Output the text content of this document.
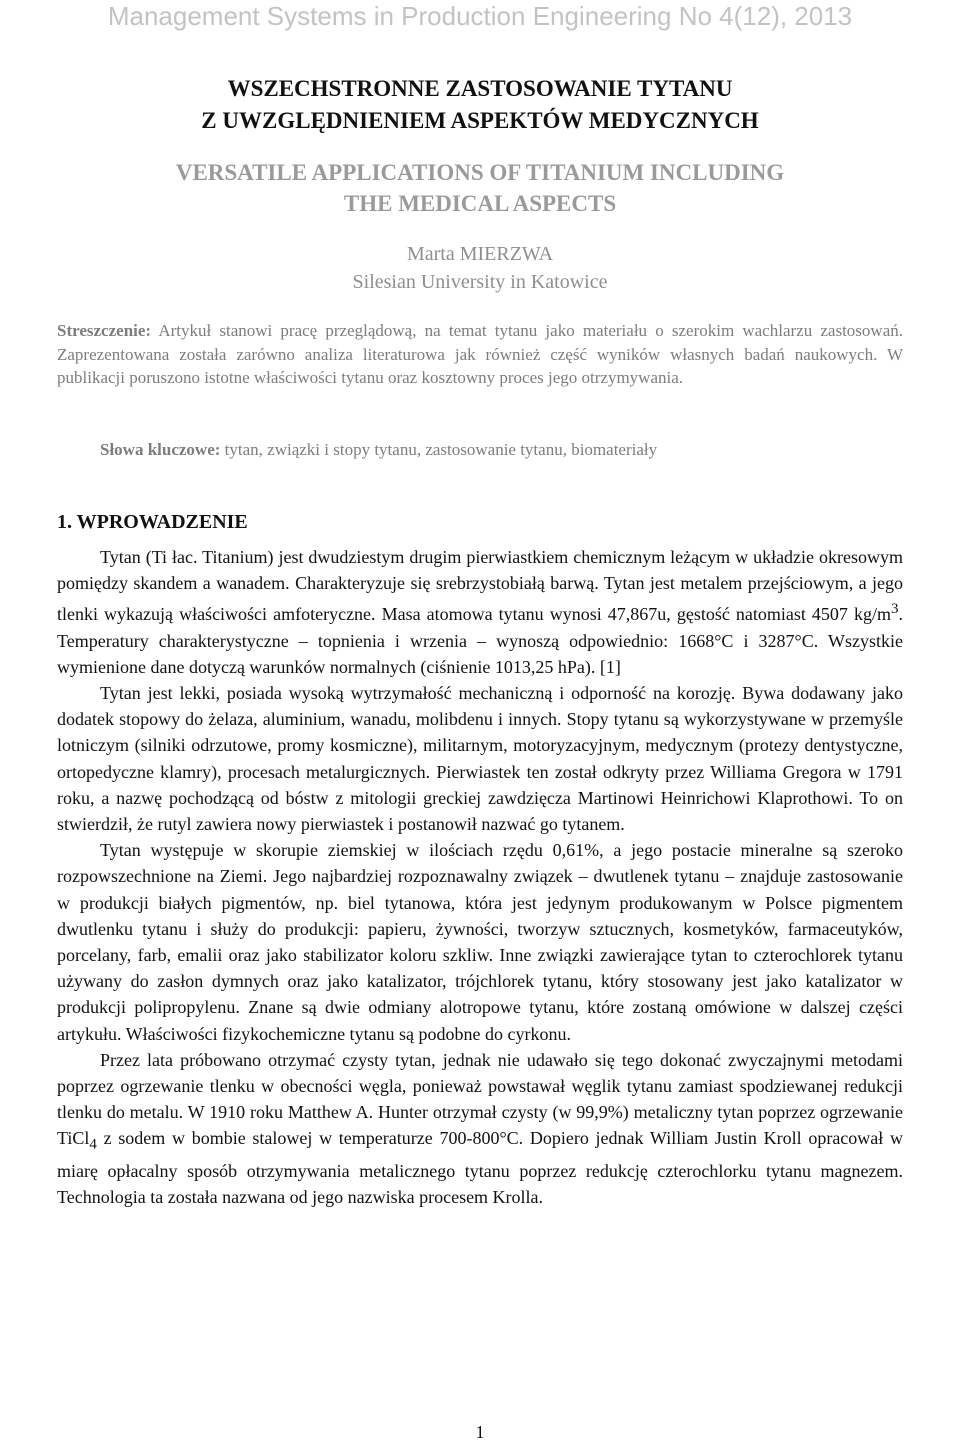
Management Systems in Production Engineering No 4(12), 2013
WSZECHSTRONNE ZASTOSOWANIE TYTANU
Z UWZGLĘDNIENIEM ASPEKTÓW MEDYCZNYCH
VERSATILE APPLICATIONS OF TITANIUM INCLUDING
THE MEDICAL ASPECTS
Marta MIERZWA
Silesian University in Katowice
Streszczenie: Artykuł stanowi pracę przeglądową, na temat tytanu jako materiału o szerokim wachlarzu zastosowań. Zaprezentowana została zarówno analiza literaturowa jak również część wyników własnych badań naukowych. W publikacji poruszono istotne właściwości tytanu oraz kosztowny proces jego otrzymywania.
Słowa kluczowe: tytan, związki i stopy tytanu, zastosowanie tytanu, biomateriały
1. WPROWADZENIE

Tytan (Ti łac. Titanium) jest dwudziestym drugim pierwiastkiem chemicznym leżącym w układzie okresowym pomiędzy skandem a wanadem. Charakteryzuje się srebrzystobiałą barwą. Tytan jest metalem przejściowym, a jego tlenki wykazują właściwości amfoteryczne. Masa atomowa tytanu wynosi 47,867u, gęstość natomiast 4507 $kg/m^3$. Temperatury charakterystyczne – topnienia i wrzenia – wynoszą odpowiednio: 1668°C i 3287°C. Wszystkie wymienione dane dotyczą warunków normalnych (ciśnienie 1013,25 hPa). [1]

Tytan jest lekki, posiada wysoką wytrzymałość mechaniczną i odporność na korozję. Bywa dodawany jako dodatek stopowy do żelaza, aluminium, wanadu, molibdenu i innych. Stopy tytanu są wykorzystywane w przemyśle lotniczym (silniki odrzutowe, promy kosmiczne), militarnym, motoryzacyjnym, medycznym (protezy dentystyczne, ortopedyczne klamry), procesach metalurgicznych. Pierwiastek ten został odkryty przez Williama Gregora w 1791 roku, a nazwę pochodzącą od bóstw z mitologii greckiej zawdzięcza Martinowi Heinrichowi Klaprothowi. To on stwierdził, że rutyl zawiera nowy pierwiastek i postanowił nazwać go tytanem.

Tytan występuje w skorupie ziemskiej w ilościach rzędu 0,61%, a jego postacie mineralne są szeroko rozpowszechnione na Ziemi. Jego najbardziej rozpoznawalny związek – dwutlenek tytanu – znajduje zastosowanie w produkcji białych pigmentów, np. biel tytanowa, która jest jedynym produkowanym w Polsce pigmentem dwutlenku tytanu i służy do produkcji: papieru, żywności, tworzyw sztucznych, kosmetyków, farmaceutyków, porcelany, farb, emalii oraz jako stabilizator koloru szkliw. Inne związki zawierające tytan to czterochlorek tytanu używany do zasłon dymnych oraz jako katalizator, trójchlorek tytanu, który stosowany jest jako katalizator w produkcji polipropylenu. Znane są dwie odmiany alotropowe tytanu, które zostaną omówione w dalszej części artykułu. Właściwości fizykochemiczne tytanu są podobne do cyrkonu.

Przez lata próbowano otrzymać czysty tytan, jednak nie udawało się tego dokonać zwyczajnymi metodami poprzez ogrzewanie tlenku w obecności węgla, ponieważ powstawał węglik tytanu zamiast spodziewanej redukcji tlenku do metalu. W 1910 roku Matthew A. Hunter otrzymał czysty (w 99,9%) metaliczny tytan poprzez ogrzewanie TiCl$_4$ z sodem w bombie stalowej w temperaturze 700-800°C. Dopiero jednak William Justin Kroll opracował w miarę opłacalny sposób otrzymywania metalicznego tytanu poprzez redukcję czterochlorku tytanu magnezem. Technologia ta została nazwana od jego nazwiska procesem Krolla.

1
